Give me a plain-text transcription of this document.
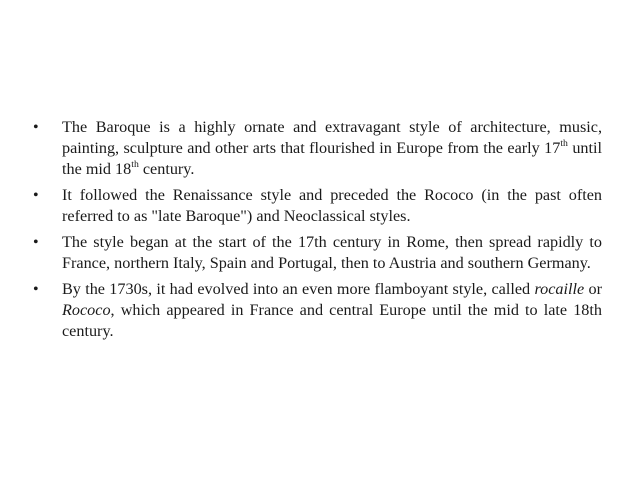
•	The Baroque is a highly ornate and extravagant style of architecture, music, painting, sculpture and other arts that flourished in Europe from the early 17th until the mid 18th century.
•	It followed the Renaissance style and preceded the Rococo (in the past often referred to as "late Baroque") and Neoclassical styles.
•	The style began at the start of the 17th century in Rome, then spread rapidly to France, northern Italy, Spain and Portugal, then to Austria and southern Germany.
•	By the 1730s, it had evolved into an even more flamboyant style, called rocaille or Rococo, which appeared in France and central Europe until the mid to late 18th century.
